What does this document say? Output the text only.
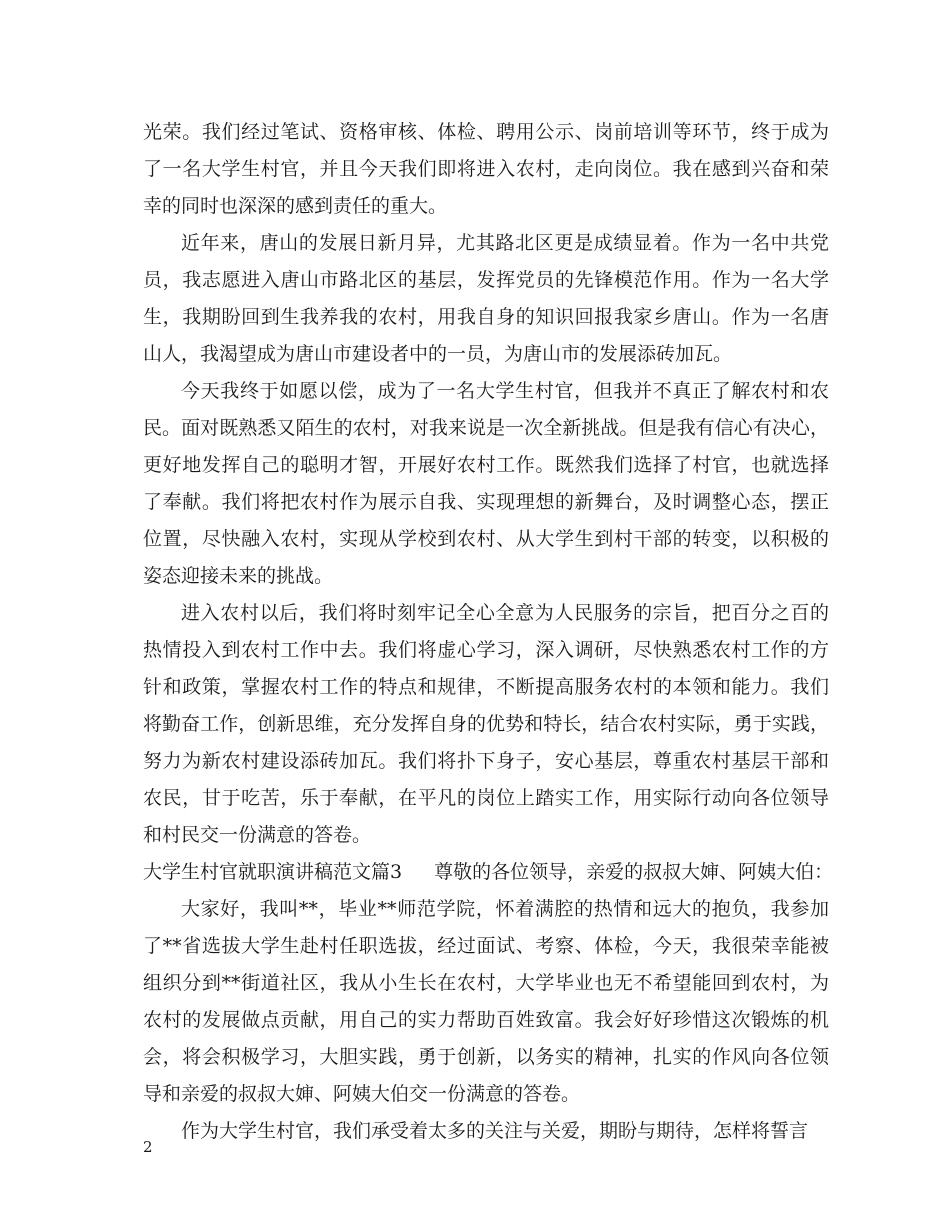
光荣。我们经过笔试、资格审核、体检、聘用公示、岗前培训等环节，终于成为
了一名大学生村官，并且今天我们即将进入农村，走向岗位。我在感到兴奋和荣
幸的同时也深深的感到责任的重大。
近年来，唐山的发展日新月异，尤其路北区更是成绩显着。作为一名中共党
员，我志愿进入唐山市路北区的基层，发挥党员的先锋模范作用。作为一名大学
生，我期盼回到生我养我的农村，用我自身的知识回报我家乡唐山。作为一名唐
山人，我渴望成为唐山市建设者中的一员，为唐山市的发展添砖加瓦。
今天我终于如愿以偿，成为了一名大学生村官，但我并不真正了解农村和农
民。面对既熟悉又陌生的农村，对我来说是一次全新挑战。但是我有信心有决心，
更好地发挥自己的聪明才智，开展好农村工作。既然我们选择了村官，也就选择
了奉献。我们将把农村作为展示自我、实现理想的新舞台，及时调整心态，摆正
位置，尽快融入农村，实现从学校到农村、从大学生到村干部的转变，以积极的
姿态迎接未来的挑战。
进入农村以后，我们将时刻牢记全心全意为人民服务的宗旨，把百分之百的
热情投入到农村工作中去。我们将虚心学习，深入调研，尽快熟悉农村工作的方
针和政策，掌握农村工作的特点和规律，不断提高服务农村的本领和能力。我们
将勤奋工作，创新思维，充分发挥自身的优势和特长，结合农村实际，勇于实践，
努力为新农村建设添砖加瓦。我们将扑下身子，安心基层，尊重农村基层干部和
农民，甘于吃苦，乐于奉献，在平凡的岗位上踏实工作，用实际行动向各位领导
和村民交一份满意的答卷。
大学生村官就职演讲稿范文篇3 尊敬的各位领导，亲爱的叔叔大婶、阿姨大伯：
大家好，我叫**，毕业**师范学院，怀着满腔的热情和远大的抱负，我参加
了**省选拔大学生赴村任职选拔，经过面试、考察、体检，今天，我很荣幸能被
组织分到**街道社区，我从小生长在农村，大学毕业也无不希望能回到农村，为
农村的发展做点贡献，用自己的实力帮助百姓致富。我会好好珍惜这次锻炼的机
会，将会积极学习，大胆实践，勇于创新，以务实的精神，扎实的作风向各位领
导和亲爱的叔叔大婶、阿姨大伯交一份满意的答卷。
作为大学生村官，我们承受着太多的关注与关爱，期盼与期待，怎样将誓言
2
